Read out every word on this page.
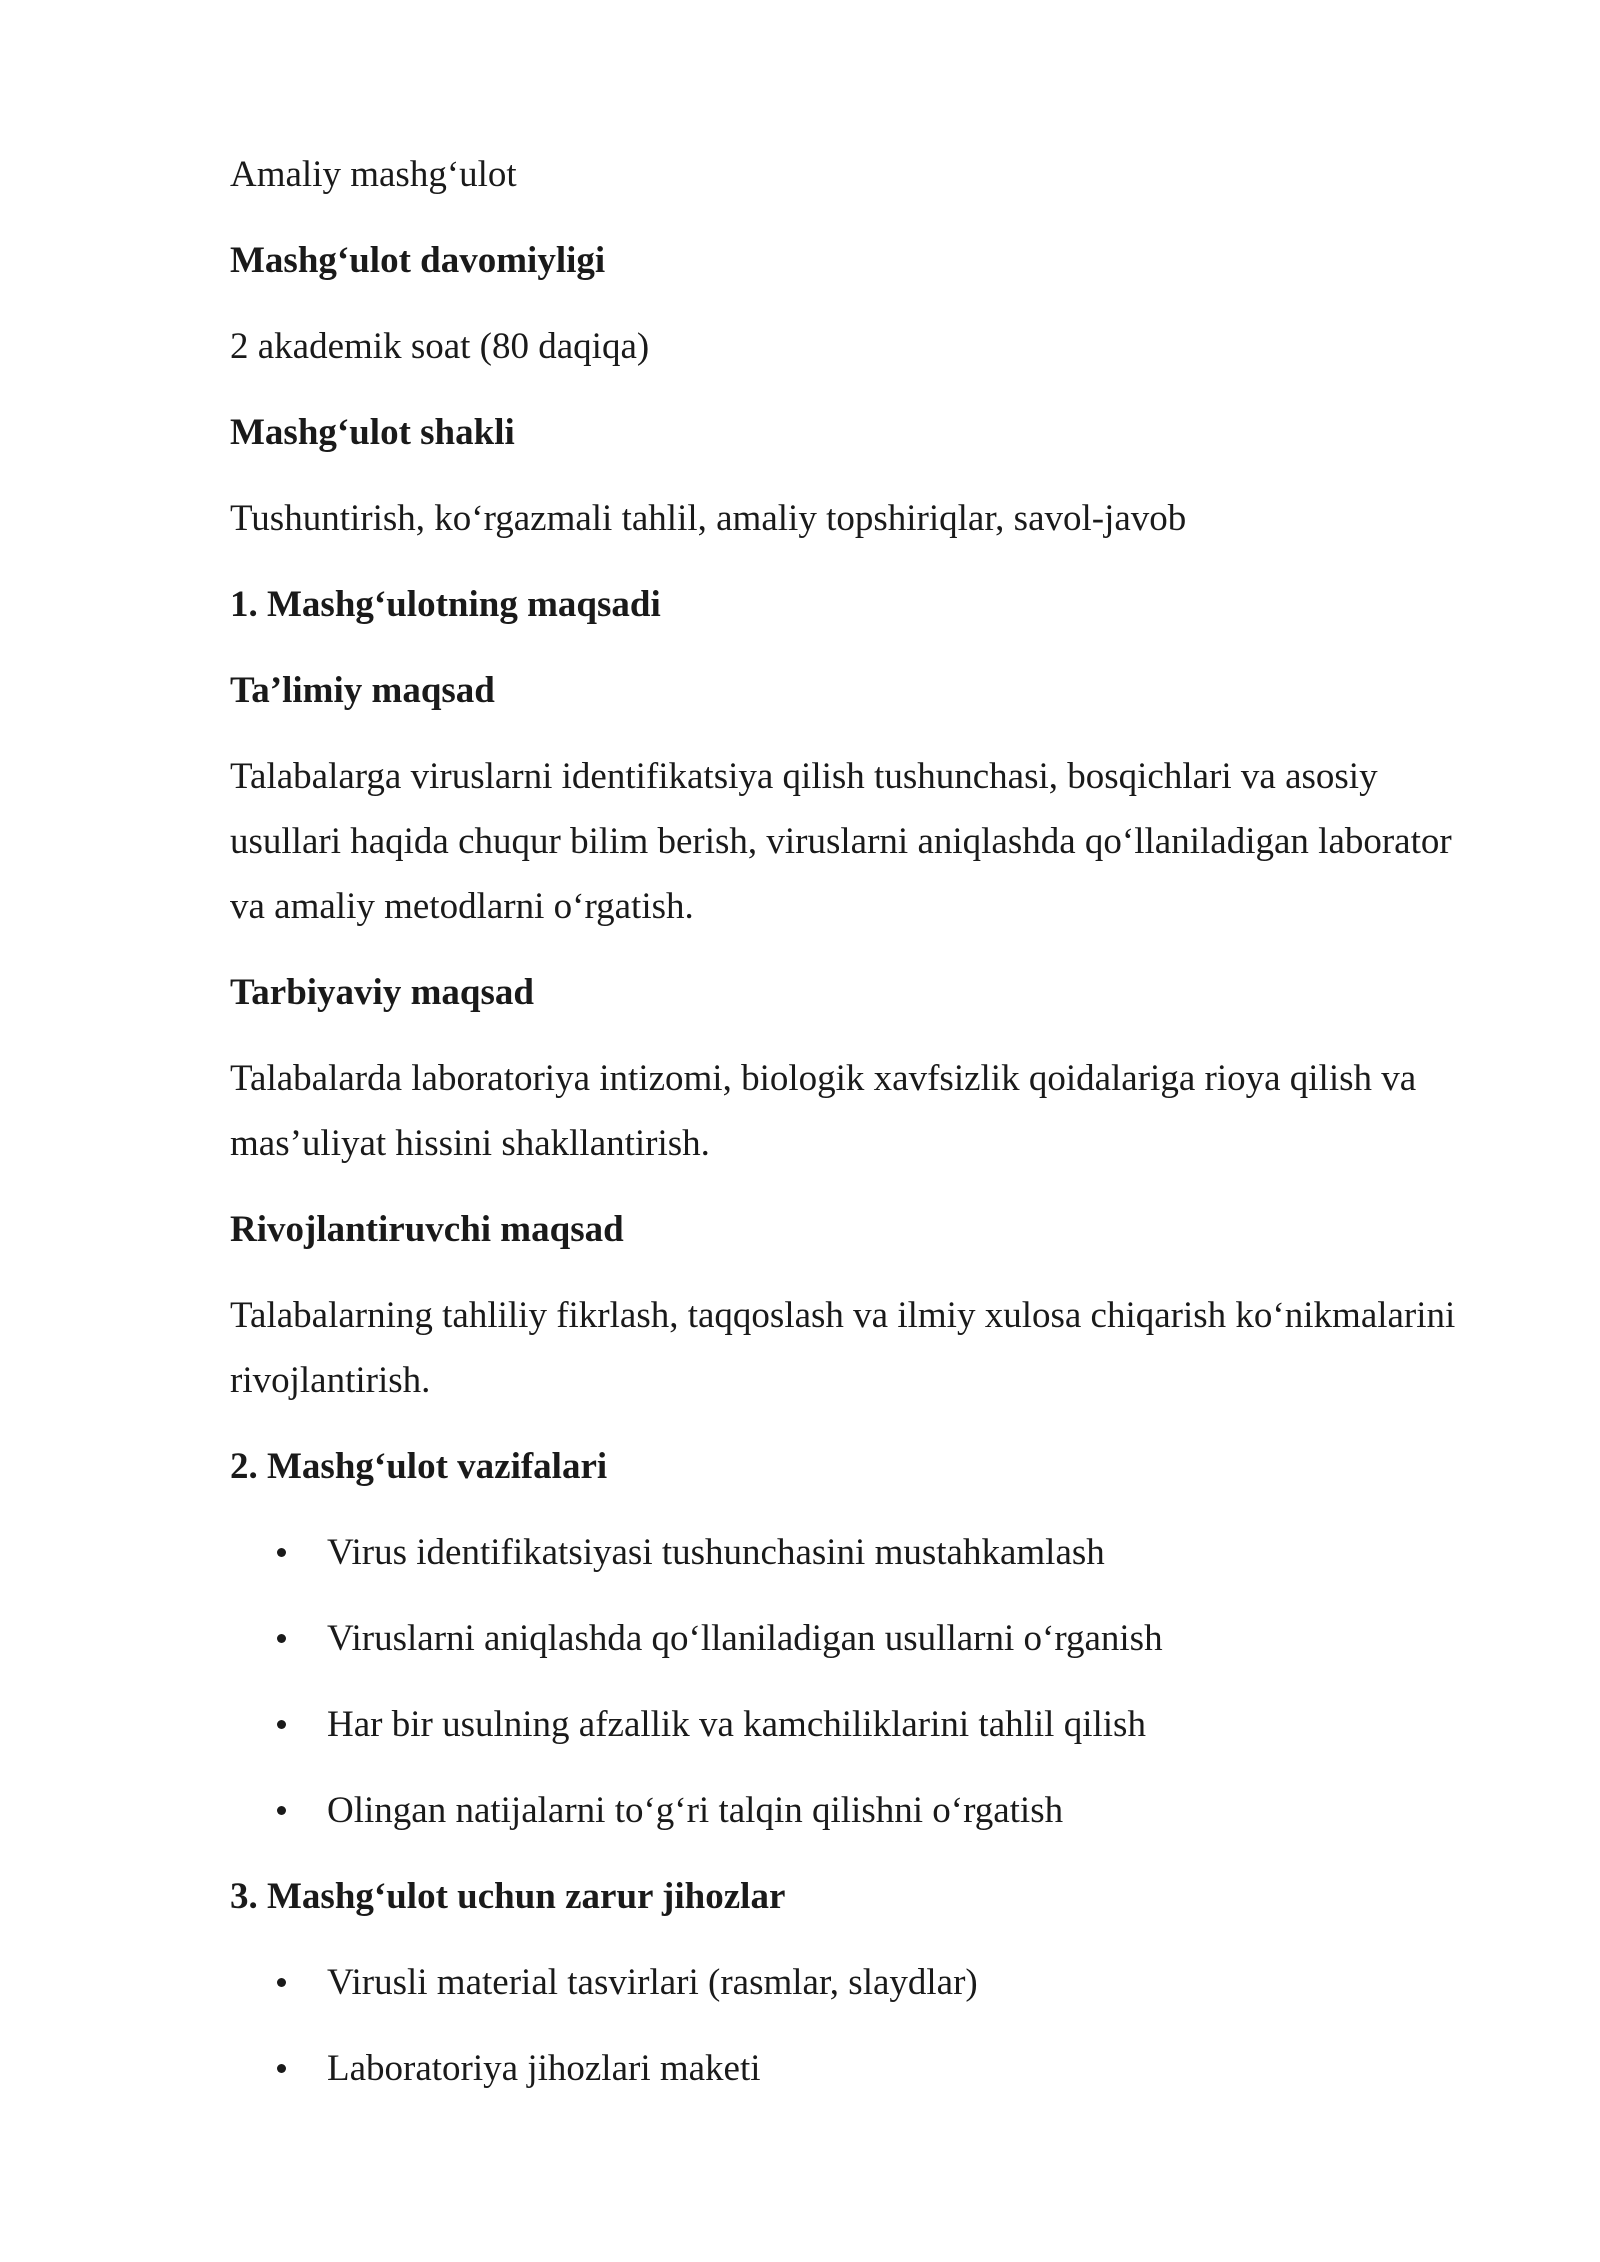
Amaliy mashg‘ulot
Mashg‘ulot davomiyligi
2 akademik soat (80 daqiqa)
Mashg‘ulot shakli
Tushuntirish, ko‘rgazmali tahlil, amaliy topshiriqlar, savol-javob
1. Mashg‘ulotning maqsadi
Ta’limiy maqsad
Talabalarga viruslarni identifikatsiya qilish tushunchasi, bosqichlari va asosiy usullari haqida chuqur bilim berish, viruslarni aniqlashda qo‘llaniladigan laborator va amaliy metodlarni o‘rgatish.
Tarbiyaviy maqsad
Talabalarda laboratoriya intizomi, biologik xavfsizlik qoidalariga rioya qilish va mas’uliyat hissini shakllantirish.
Rivojlantiruvchi maqsad
Talabalarning tahliliy fikrlash, taqqoslash va ilmiy xulosa chiqarish ko‘nikmalarini rivojlantirish.
2. Mashg‘ulot vazifalari
Virus identifikatsiyasi tushunchasini mustahkamlash
Viruslarni aniqlashda qo‘llaniladigan usullarni o‘rganish
Har bir usulning afzallik va kamchiliklarini tahlil qilish
Olingan natijalarni to‘g‘ri talqin qilishni o‘rgatish
3. Mashg‘ulot uchun zarur jihozlar
Virusli material tasvirlari (rasmlar, slaydlar)
Laboratoriya jihozlari maketi
